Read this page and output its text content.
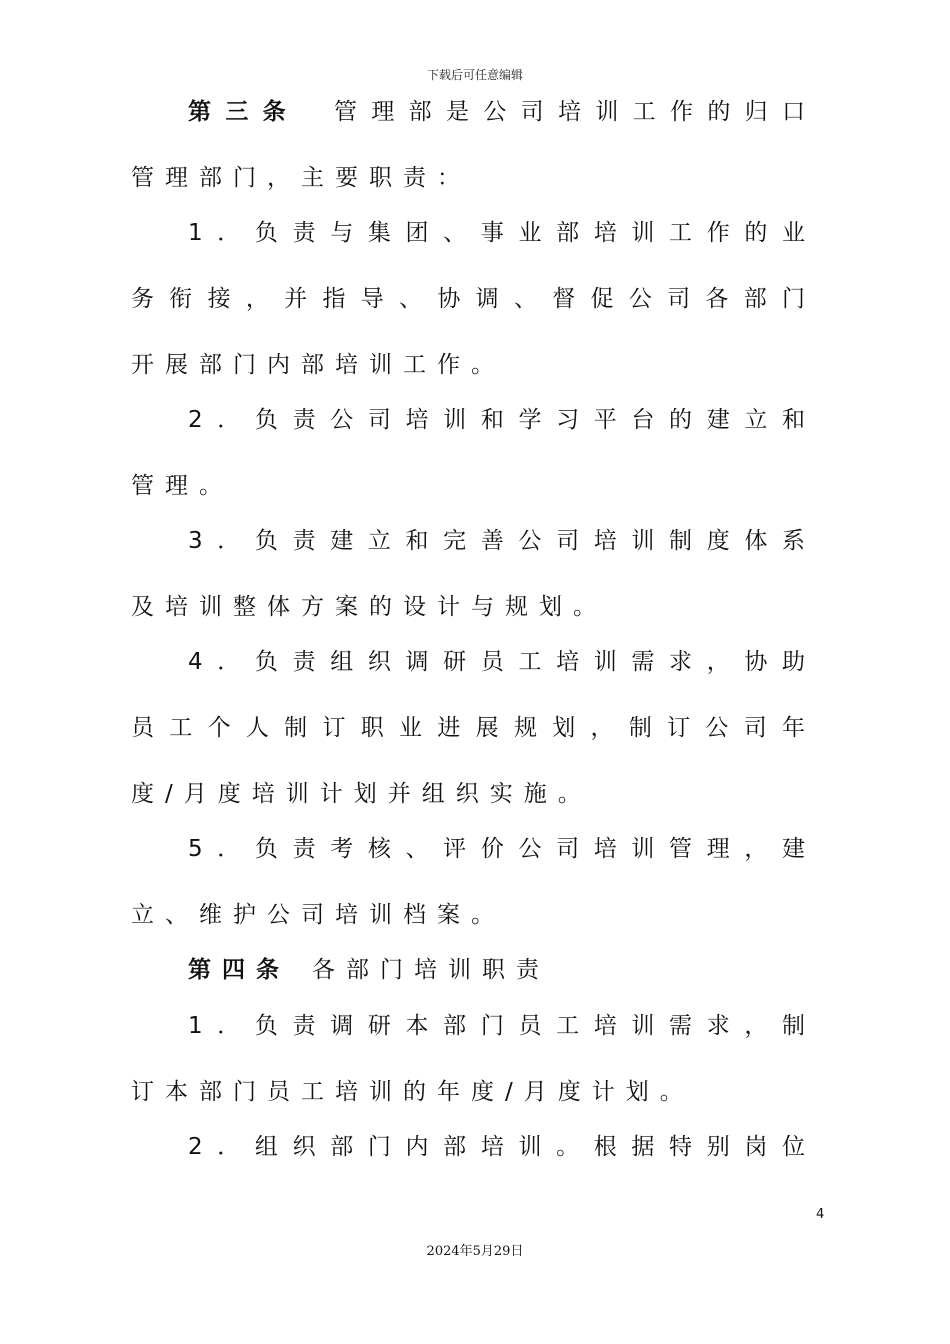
下载后可任意编辑
第三条 管理部是公司培训工作的归口
管理部门，主要职责：
1．负责与集团、事业部培训工作的业
务衔接，并指导、协调、督促公司各部门
开展部门内部培训工作。
2．负责公司培训和学习平台的建立和
管理。
3．负责建立和完善公司培训制度体系
及培训整体方案的设计与规划。
4．负责组织调研员工培训需求，协助
员工个人制订职业进展规划，制订公司年
度/月度培训计划并组织实施。
5．负责考核、评价公司培训管理，建
立、维护公司培训档案。
第四条 各部门培训职责
1．负责调研本部门员工培训需求，制
订本部门员工培训的年度/月度计划。
2．组织部门内部培训。根据特别岗位
4
2024年5月29日
